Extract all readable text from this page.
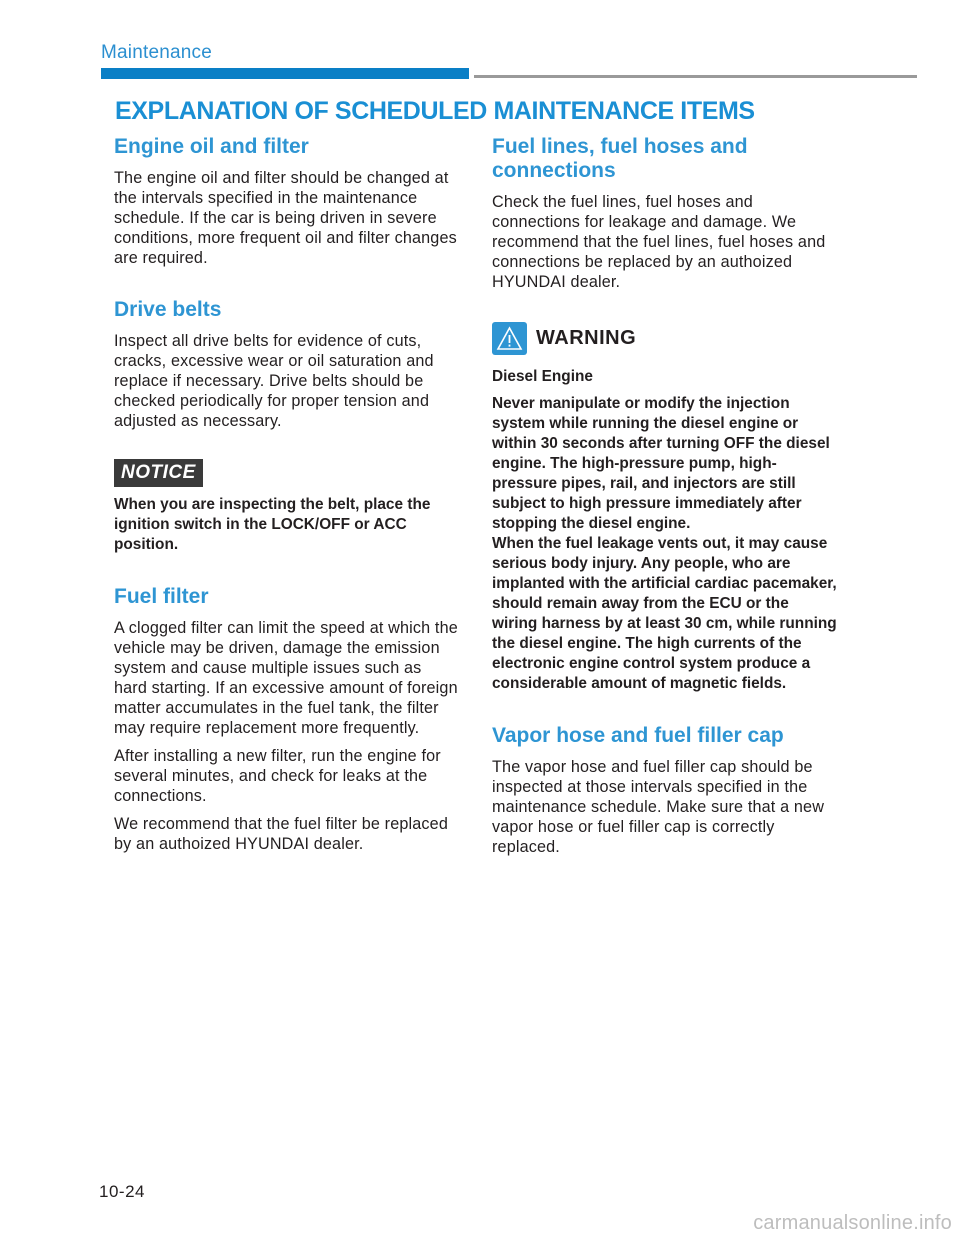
Maintenance
EXPLANATION OF SCHEDULED MAINTENANCE ITEMS
Engine oil and filter

The engine oil and filter should be changed at the intervals specified in the maintenance schedule. If the car is being driven in severe conditions, more frequent oil and filter changes are required.

Drive belts

Inspect all drive belts for evidence of cuts, cracks, excessive wear or oil saturation and replace if necessary. Drive belts should be checked periodically for proper tension and adjusted as necessary.

NOTICE

When you are inspecting the belt, place the ignition switch in the LOCK/OFF or ACC position.

Fuel filter

A clogged filter can limit the speed at which the vehicle may be driven, damage the emission system and cause multiple issues such as hard starting. If an excessive amount of foreign matter accumulates in the fuel tank, the filter may require replacement more frequently.

After installing a new filter, run the engine for several minutes, and check for leaks at the connections.

We recommend that the fuel filter be replaced by an authoized HYUNDAI dealer.

Fuel lines, fuel hoses and connections

Check the fuel lines, fuel hoses and connections for leakage and damage. We recommend that the fuel lines, fuel hoses and connections be replaced by an authoized HYUNDAI dealer.

WARNING

Diesel Engine

Never manipulate or modify the injection system while running the diesel engine or within 30 seconds after turning OFF the diesel engine. The high-pressure pump, high-pressure pipes, rail, and injectors are still subject to high pressure immediately after stopping the diesel engine.
When the fuel leakage vents out, it may cause serious body injury. Any people, who are implanted with the artificial cardiac pacemaker, should remain away from the ECU or the wiring harness by at least 30 cm, while running the diesel engine. The high currents of the electronic engine control system produce a considerable amount of magnetic fields.

Vapor hose and fuel filler cap

The vapor hose and fuel filler cap should be inspected at those intervals specified in the maintenance schedule. Make sure that a new vapor hose or fuel filler cap is correctly replaced.

10-24
carmanualsonline.info
